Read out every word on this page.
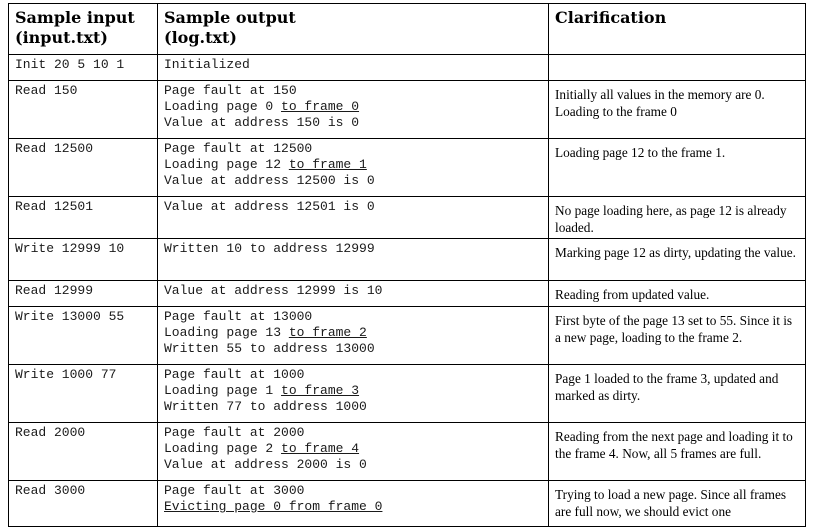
Sample input
(input.txt)	Sample output
(log.txt)	Clarification

Init 20 5 10 1	Initialized	

Read 150	Page fault at 150
Loading page 0 to frame 0
Value at address 150 is 0	Initially all values in the memory are 0. Loading to the frame 0

Read 12500	Page fault at 12500
Loading page 12 to frame 1
Value at address 12500 is 0	Loading page 12 to the frame 1.

Read 12501	Value at address 12501 is 0	No page loading here, as page 12 is already loaded.

Write 12999 10	Written 10 to address 12999	Marking page 12 as dirty, updating the value.

Read 12999	Value at address 12999 is 10	Reading from updated value.

Write 13000 55	Page fault at 13000
Loading page 13 to frame 2
Written 55 to address 13000	First byte of the page 13 set to 55. Since it is a new page, loading to the frame 2.

Write 1000 77	Page fault at 1000
Loading page 1 to frame 3
Written 77 to address 1000	Page 1 loaded to the frame 3, updated and marked as dirty.

Read 2000	Page fault at 2000
Loading page 2 to frame 4
Value at address 2000 is 0	Reading from the next page and loading it to the frame 4. Now, all 5 frames are full.

Read 3000	Page fault at 3000
Evicting page 0 from frame 0	Trying to load a new page. Since all frames are full now, we should evict one
